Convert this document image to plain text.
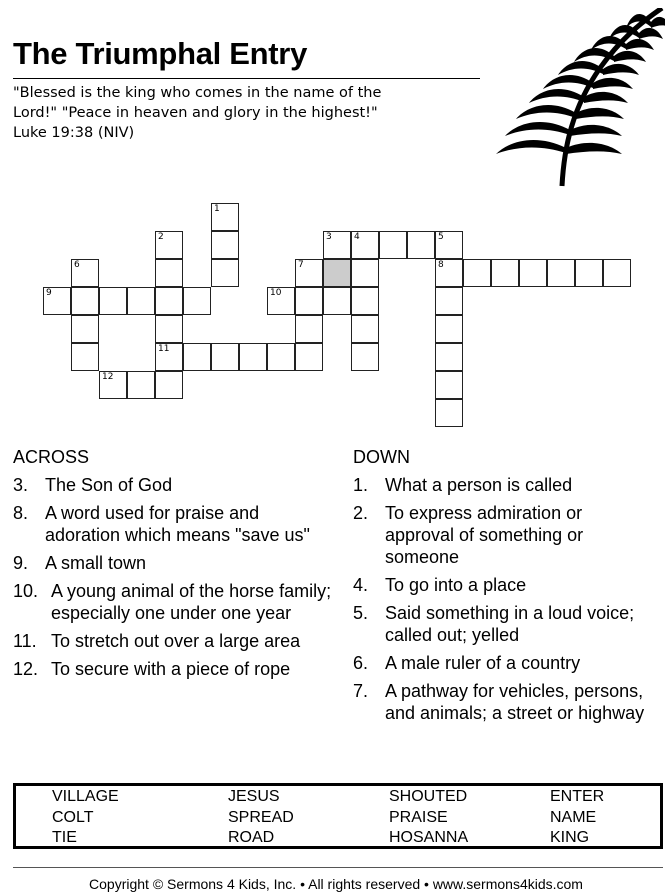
The Triumphal Entry
"Blessed is the king who comes in the name of the
Lord!" "Peace in heaven and glory in the highest!"
Luke 19:38 (NIV)
1
2
11
3 4	5
8
6	7
9	10
12
ACROSS
3. The Son of God
8. A word used for praise and adoration which means "save us"
9. A small town
10. A young animal of the horse family; especially one under one year
11. To stretch out over a large area
12. To secure with a piece of rope
DOWN
1. What a person is called
2. To express admiration or approval of something or someone
4. To go into a place
5. Said something in a loud voice; called out; yelled
6. A male ruler of a country
7. A pathway for vehicles, persons, and animals; a street or highway
VILLAGE
COLT
TIE
JESUS
SPREAD
ROAD
SHOUTED
PRAISE
HOSANNA
ENTER
NAME
KING
Copyright © Sermons 4 Kids, Inc. • All rights reserved • www.sermons4kids.com
